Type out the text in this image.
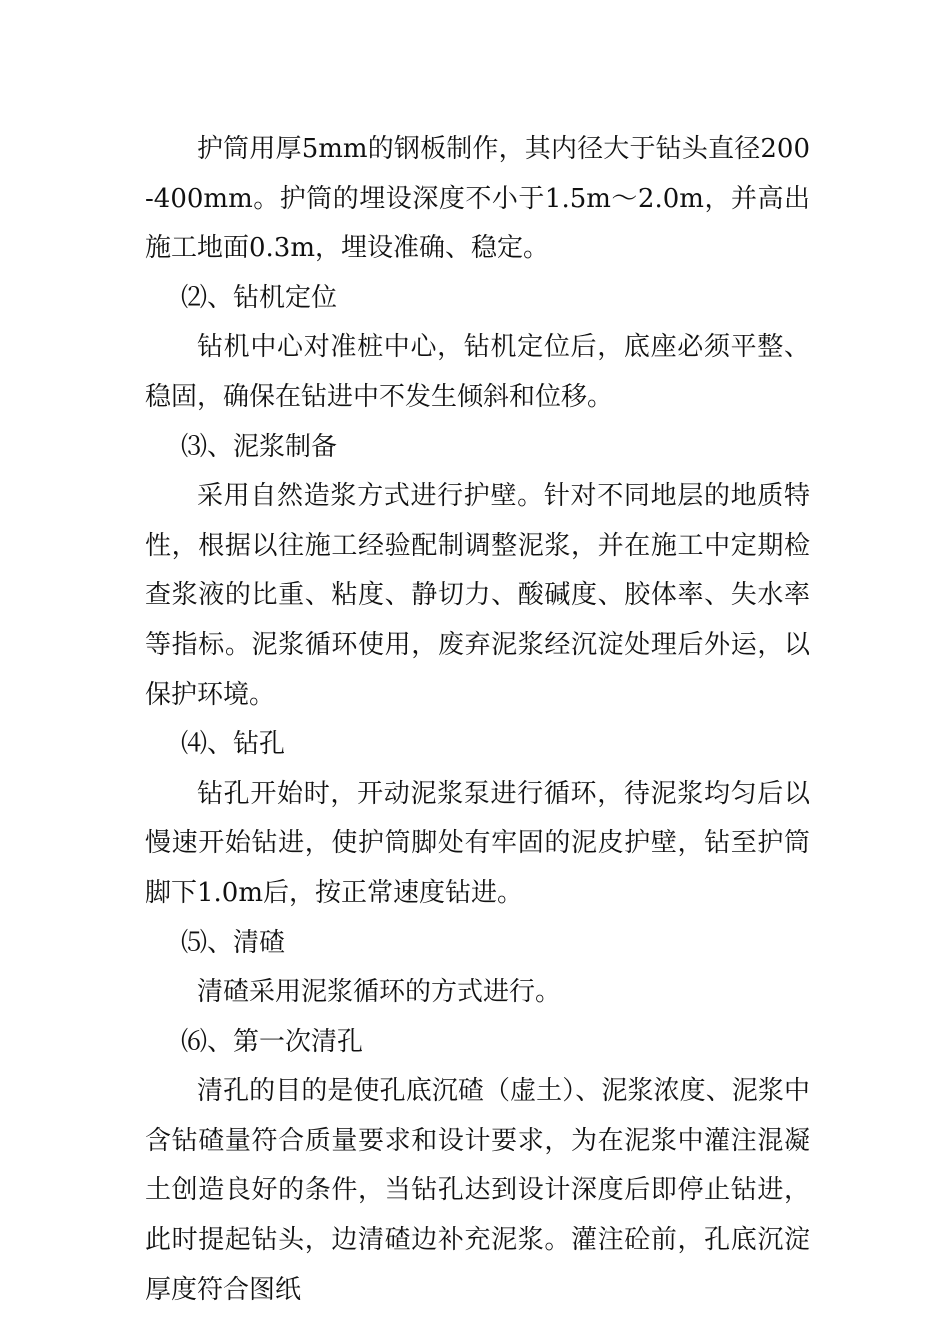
护筒用厚5mm的钢板制作，其内径大于钻头直径200-400mm。护筒的埋设深度不小于1.5m～2.0m，并高出施工地面0.3m，埋设准确、稳定。

⑵、钻机定位

钻机中心对准桩中心，钻机定位后，底座必须平整、稳固，确保在钻进中不发生倾斜和位移。

⑶、泥浆制备

采用自然造浆方式进行护壁。针对不同地层的地质特性，根据以往施工经验配制调整泥浆，并在施工中定期检查浆液的比重、粘度、静切力、酸碱度、胶体率、失水率等指标。泥浆循环使用，废弃泥浆经沉淀处理后外运，以保护环境。

⑷、钻孔

钻孔开始时，开动泥浆泵进行循环，待泥浆均匀后以慢速开始钻进，使护筒脚处有牢固的泥皮护壁，钻至护筒脚下1.0m后，按正常速度钻进。

⑸、清碴

清碴采用泥浆循环的方式进行。

⑹、第一次清孔

清孔的目的是使孔底沉碴（虚土）、泥浆浓度、泥浆中含钻碴量符合质量要求和设计要求，为在泥浆中灌注混凝土创造良好的条件，当钻孔达到设计深度后即停止钻进，此时提起钻头，边清碴边补充泥浆。灌注砼前，孔底沉淀厚度符合图纸
